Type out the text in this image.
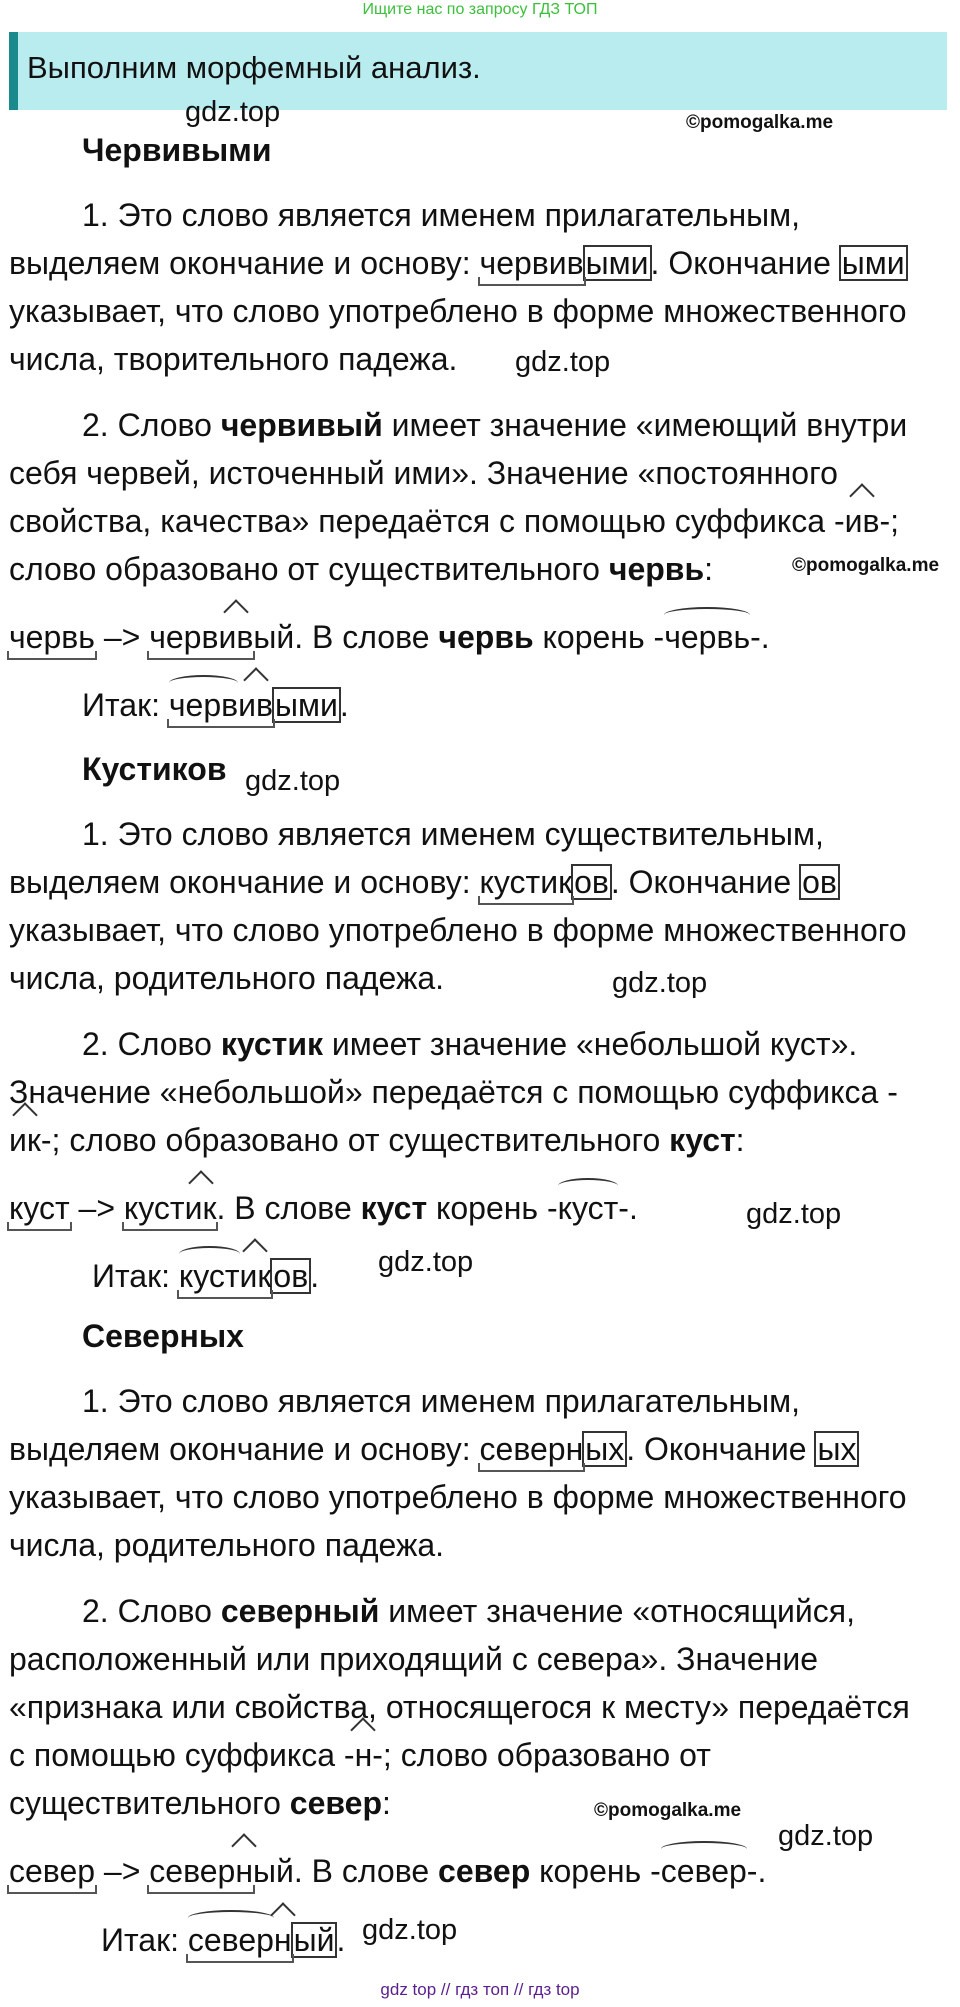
Ищите нас по запросу ГДЗ ТОП
Выполним морфемный анализ.
gdz.top	©pomogalka.me
gdz.top
©pomogalka.me
gdz.top
gdz.top
gdz.top
gdz.top
©pomogalka.me
gdz.top
gdz.top
Червивыми
1. Это слово является именем прилагательным,
выделяем окончание и основу: червивыми. Окончание ыми
указывает, что слово употреблено в форме множественного
числа, творительного падежа.
2. Слово червивый имеет значение «имеющий внутри
себя червей, источенный ими». Значение «постоянного
свойства, качества» передаётся с помощью суффикса -ив-;
слово образовано от существительного червь:
червь –> червивый. В слове червь корень -червь-.
Итак: червивыми.
Кустиков
1. Это слово является именем существительным,
выделяем окончание и основу: кустиков. Окончание ов
указывает, что слово употреблено в форме множественного
числа, родительного падежа.
2. Слово кустик имеет значение «небольшой куст».
Значение «небольшой» передаётся с помощью суффикса -
ик-; слово образовано от существительного куст:
куст –> кустик. В слове куст корень -куст-.
Итак: кустиков.
Северных
1. Это слово является именем прилагательным,
выделяем окончание и основу: северных. Окончание ых
указывает, что слово употреблено в форме множественного
числа, родительного падежа.
2. Слово северный имеет значение «относящийся,
расположенный или приходящий с севера». Значение
«признака или свойства, относящегося к месту» передаётся
с помощью суффикса -н-; слово образовано от
существительного север:
север –> северный. В слове север корень -север-.
Итак: северный.
gdz top // гдз топ // гдз top
